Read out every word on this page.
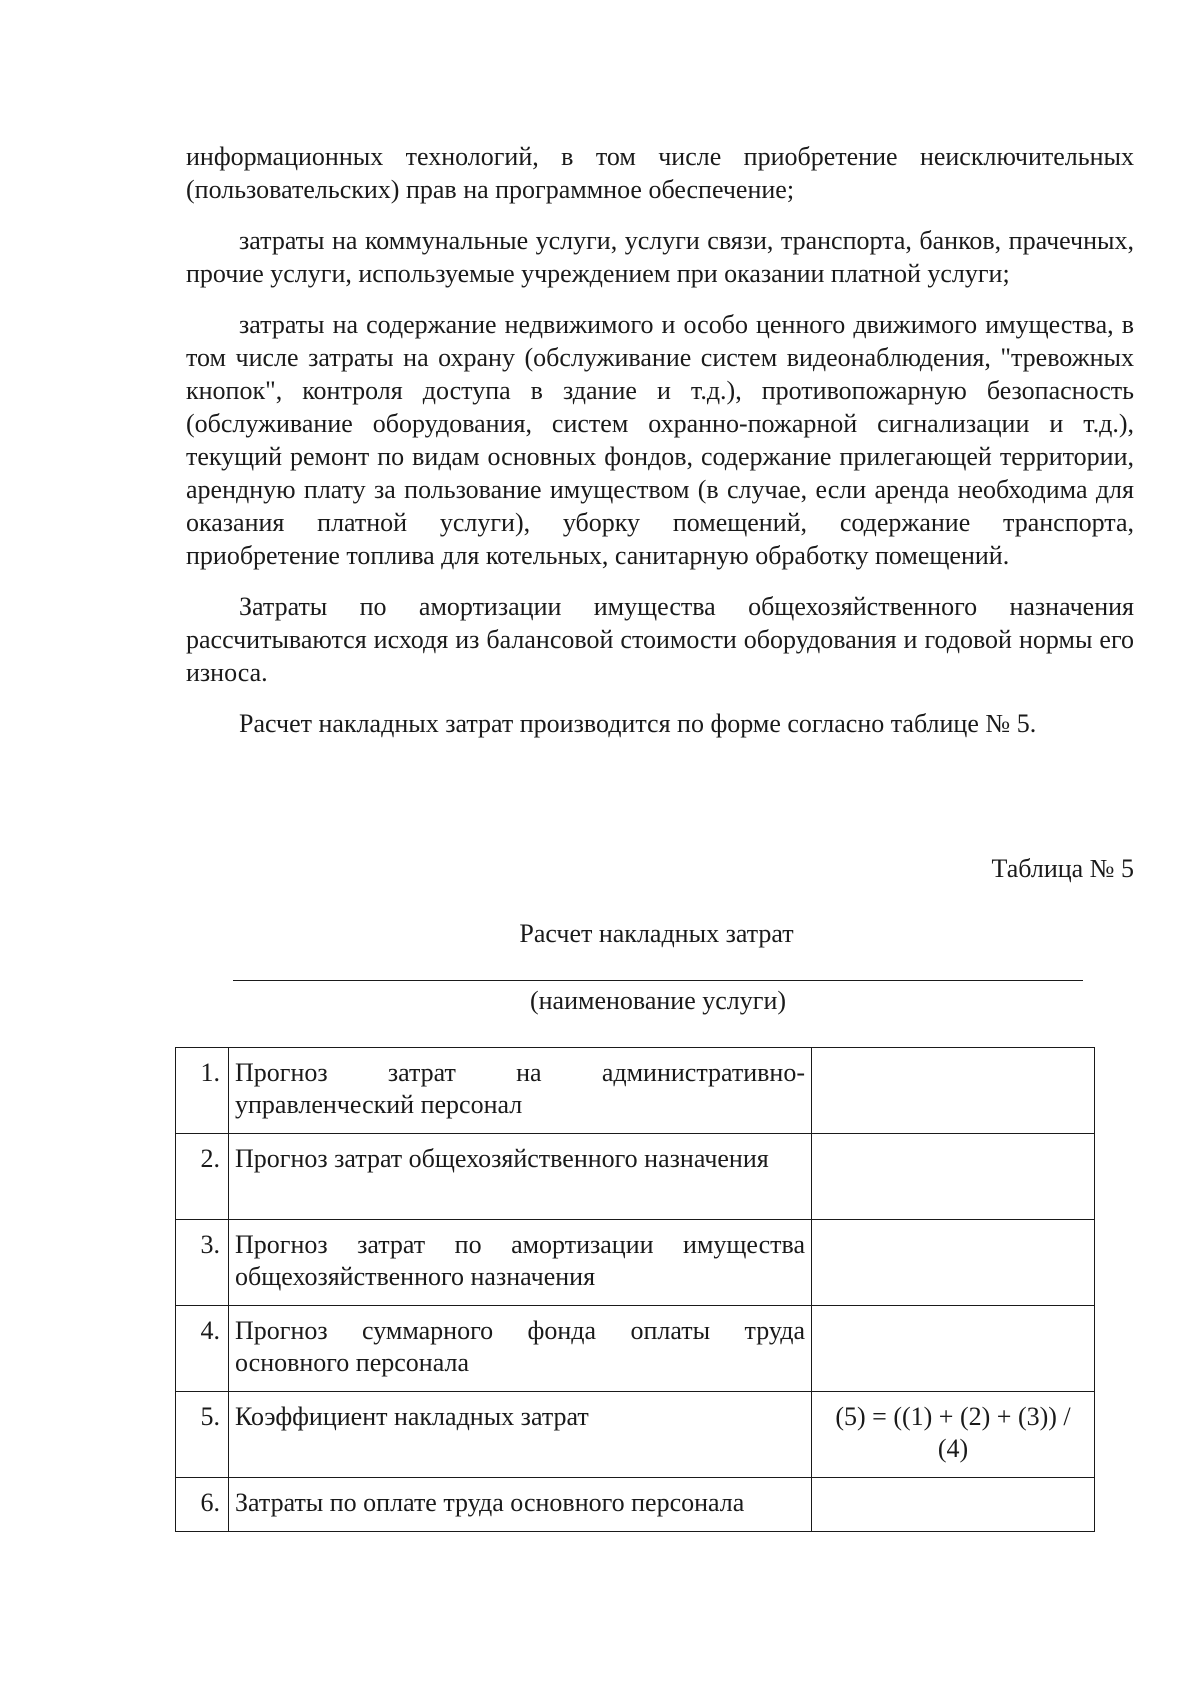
информационных технологий, в том числе приобретение неисключительных (пользовательских) прав на программное обеспечение;

затраты на коммунальные услуги, услуги связи, транспорта, банков, прачечных, прочие услуги, используемые учреждением при оказании платной услуги;

затраты на содержание недвижимого и особо ценного движимого имущества, в том числе затраты на охрану (обслуживание систем видеонаблюдения, "тревожных кнопок", контроля доступа в здание и т.д.), противопожарную безопасность (обслуживание оборудования, систем охранно-пожарной сигнализации и т.д.), текущий ремонт по видам основных фондов, содержание прилегающей территории, арендную плату за пользование имуществом (в случае, если аренда необходима для оказания платной услуги), уборку помещений, содержание транспорта, приобретение топлива для котельных, санитарную обработку помещений.

Затраты по амортизации имущества общехозяйственного назначения рассчитываются исходя из балансовой стоимости оборудования и годовой нормы его износа.

Расчет накладных затрат производится по форме согласно таблице № 5.

Таблица № 5

Расчет накладных затрат

(наименование услуги)

1.	Прогноз затрат на административно-управленческий персонал	
2.	Прогноз затрат общехозяйственного назначения	
3.	Прогноз затрат по амортизации имущества общехозяйственного назначения	
4.	Прогноз суммарного фонда оплаты труда основного персонала	
5.	Коэффициент накладных затрат	(5) = ((1) + (2) + (3)) / (4)
6.	Затраты по оплате труда основного персонала	
